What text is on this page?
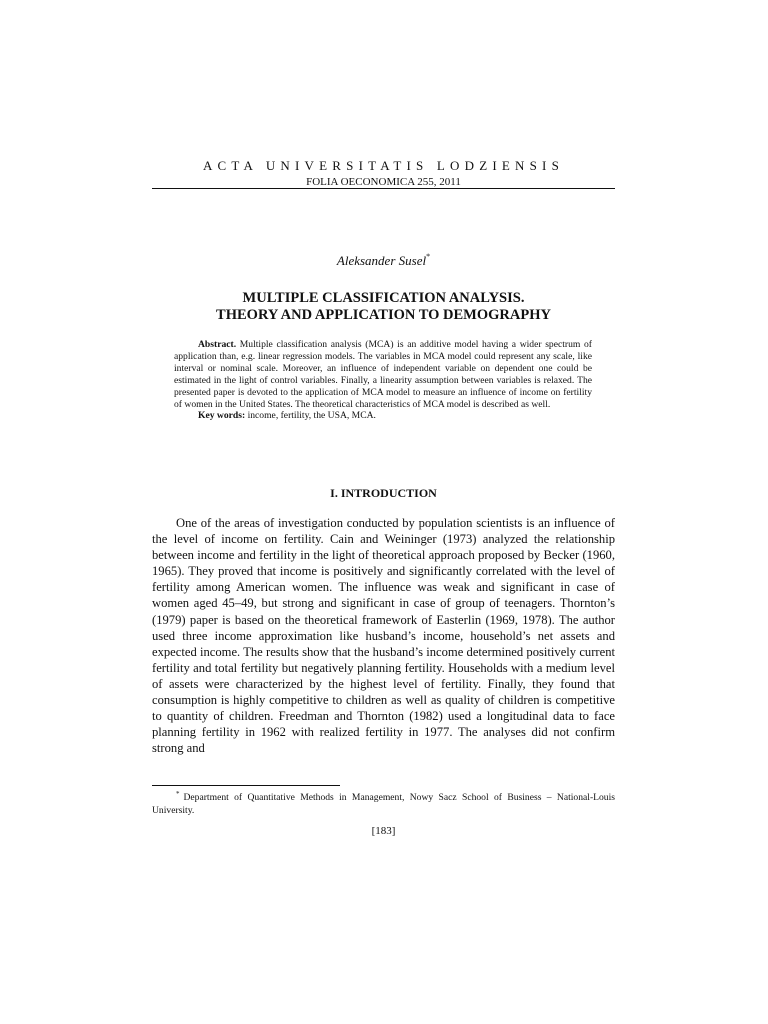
ACTA UNIVERSITATIS LODZIENSIS
FOLIA OECONOMICA 255, 2011
Aleksander Susel*
MULTIPLE CLASSIFICATION ANALYSIS.
THEORY AND APPLICATION TO DEMOGRAPHY

Abstract. Multiple classification analysis (MCA) is an additive model having a wider spectrum of application than, e.g. linear regression models. The variables in MCA model could represent any scale, like interval or nominal scale. Moreover, an influence of independent variable on dependent one could be estimated in the light of control variables. Finally, a linearity assumption between variables is relaxed. The presented paper is devoted to the application of MCA model to measure an influence of income on fertility of women in the United States. The theoretical characteristics of MCA model is described as well.

Key words: income, fertility, the USA, MCA.

I. INTRODUCTION

One of the areas of investigation conducted by population scientists is an influence of the level of income on fertility. Cain and Weininger (1973) analyzed the relationship between income and fertility in the light of theoretical approach proposed by Becker (1960, 1965). They proved that income is positively and significantly correlated with the level of fertility among American women. The influence was weak and significant in case of women aged 45–49, but strong and significant in case of group of teenagers. Thornton’s (1979) paper is based on the theoretical framework of Easterlin (1969, 1978). The author used three income approximation like husband’s income, household’s net assets and expected income. The results show that the husband’s income determined positively current fertility and total fertility but negatively planning fertility. Households with a medium level of assets were characterized by the highest level of fertility. Finally, they found that consumption is highly competitive to children as well as quality of children is competitive to quantity of children. Freedman and Thornton (1982) used a longitudinal data to face planning fertility in 1962 with realized fertility in 1977. The analyses did not confirm strong and

* Department of Quantitative Methods in Management, Nowy Sacz School of Business – National-Louis University.

[183]
